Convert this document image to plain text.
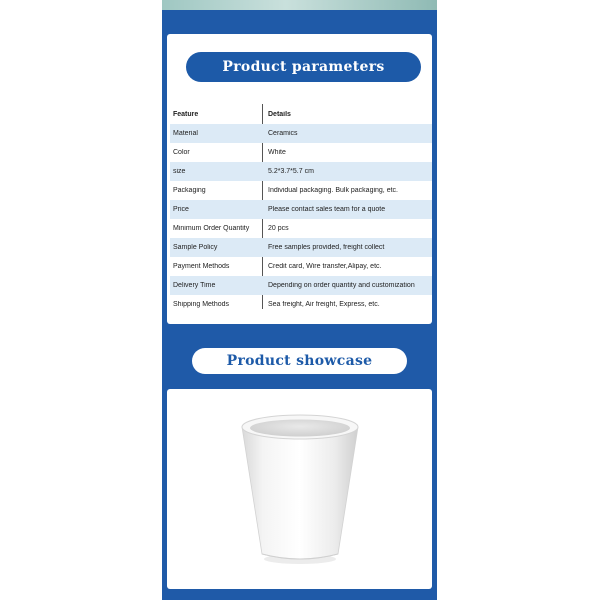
Product parameters
Feature	Details
Material	Ceramics
Color	White
size	5.2*3.7*5.7 cm
Packaging	Individual packaging. Bulk packaging, etc.
Price	Please contact sales team for a quote
Minimum Order Quantity	20 pcs
Sample Policy	Free samples provided, freight collect
Payment Methods	Credit card, Wire transfer,Alipay, etc.
Delivery Time	Depending on order quantity and customization
Shipping Methods	Sea freight, Air freight, Express, etc.
Product showcase
